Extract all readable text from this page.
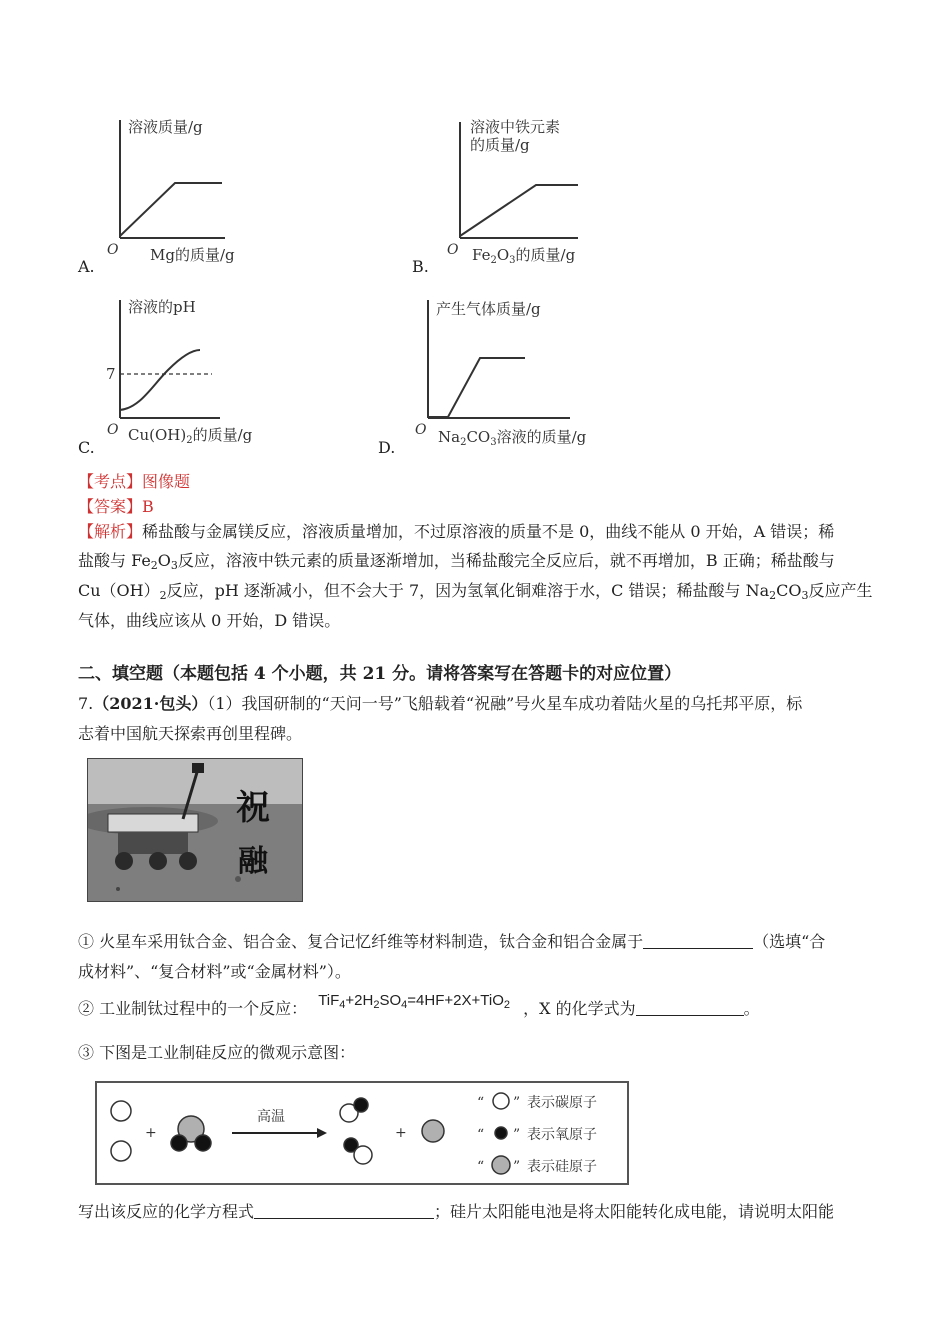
溶液质量/g
O Mg的质量/g
A.
溶液中铁元素
的质量/g
O $Fe_2O_3$的质量/g
B.
溶液的pH
7
O $Cu(OH)_2$的质量/g
C.
产生气体质量/g
O $Na_2CO_3$溶液的质量/g
D.
【考点】图像题
【答案】B
【解析】稀盐酸与金属镁反应，溶液质量增加，不过原溶液的质量不是 0，曲线不能从 0 开始，A 错误；稀
盐酸与 $Fe_2O_3$反应，溶液中铁元素的质量逐渐增加，当稀盐酸完全反应后，就不再增加，B 正确；稀盐酸与
$Cu(OH)_2$反应，pH 逐渐减小，但不会大于 7，因为氢氧化铜难溶于水，C 错误；稀盐酸与 $Na_2CO_3$反应产生
气体，曲线应该从 0 开始，D 错误。
二、填空题（本题包括 4 个小题，共 21 分。请将答案写在答题卡的对应位置）
7.（2021·包头）（1）我国研制的“天问一号”飞船载着“祝融”号火星车成功着陆火星的乌托邦平原，标
志着中国航天探索再创里程碑。
祝
融
① 火星车采用钛合金、铝合金、复合记忆纤维等材料制造，钛合金和铝合金属于	（选填“合
成材料”、“复合材料”或“金属材料”）。
② 工业制钛过程中的一个反应： $TiF_4+2H_2SO_4=4HF+2X+TiO_2$ ，X 的化学式为	。
③ 下图是工业制硅反应的微观示意图：
+
高温
+
“ ” 表示碳原子
“ ” 表示氧原子
“ ” 表示硅原子
写出该反应的化学方程式	；硅片太阳能电池是将太阳能转化成电能，请说明太阳能
